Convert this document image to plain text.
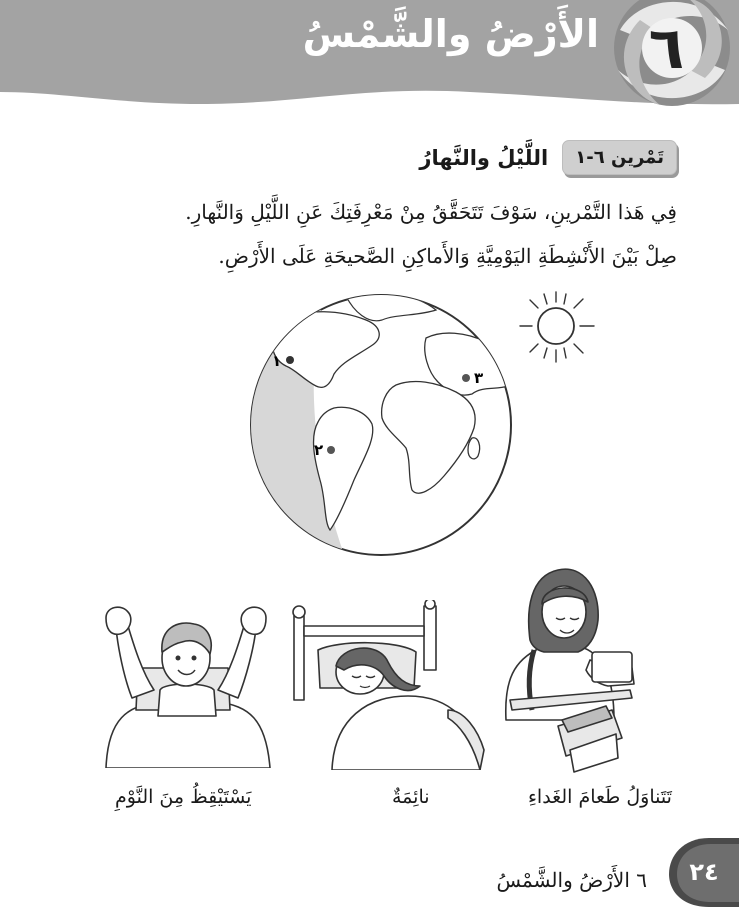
الأَرْضُ والشَّمْسُ ٦
تَمْرين ٦-١
اللَّيْلُ والنَّهارُ
فِي هَذا التَّمْرينِ، سَوْفَ تَتَحَقَّقُ مِنْ مَعْرِفَتِكَ عَنِ اللَّيْلِ وَالنَّهارِ.
صِلْ بَيْنَ الأَنْشِطَةِ اليَوْمِيَّةِ وَالأَماكِنِ الصَّحيحَةِ عَلَى الأَرْضِ.
١
٢
٣
تَتَناوَلُ طَعامَ الغَداءِ
نائِمَةٌ
يَسْتَيْقِظُ مِنَ النَّوْمِ
٢٤
٦ الأَرْضُ والشَّمْسُ
